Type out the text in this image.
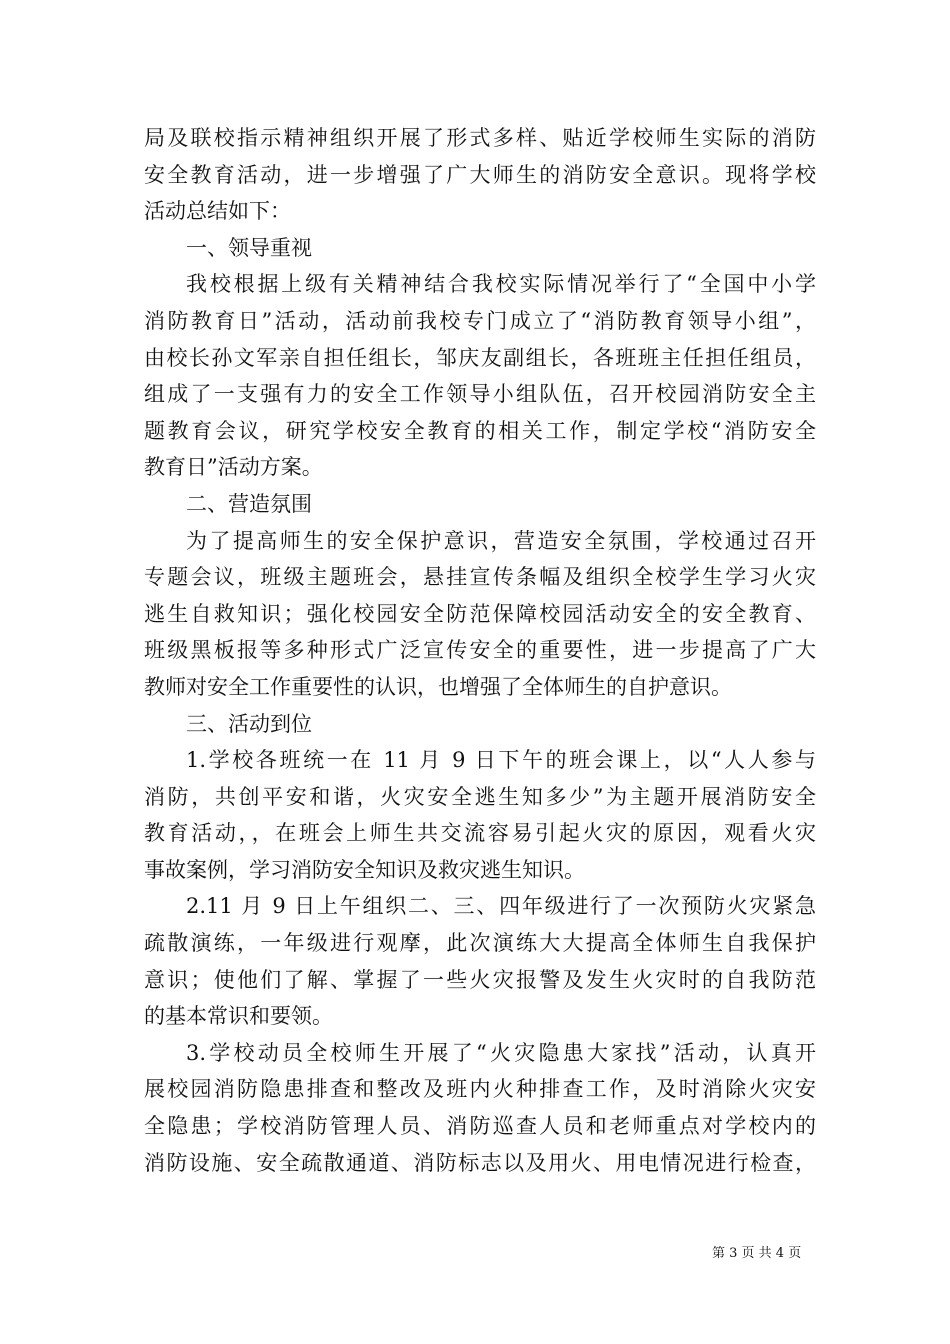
局及联校指示精神组织开展了形式多样、贴近学校师生实际的消防
安全教育活动，进一步增强了广大师生的消防安全意识。现将学校
活动总结如下：
一、领导重视
我校根据上级有关精神结合我校实际情况举行了“全国中小学
消防教育日”活动，活动前我校专门成立了“消防教育领导小组”，
由校长孙文军亲自担任组长，邹庆友副组长，各班班主任担任组员，
组成了一支强有力的安全工作领导小组队伍，召开校园消防安全主
题教育会议，研究学校安全教育的相关工作，制定学校“消防安全
教育日”活动方案。
二、营造氛围
为了提高师生的安全保护意识，营造安全氛围，学校通过召开
专题会议，班级主题班会，悬挂宣传条幅及组织全校学生学习火灾
逃生自救知识；强化校园安全防范保障校园活动安全的安全教育、
班级黑板报等多种形式广泛宣传安全的重要性，进一步提高了广大
教师对安全工作重要性的认识，也增强了全体师生的自护意识。
三、活动到位
1.学校各班统一在 11 月 9 日下午的班会课上，以“人人参与
消防，共创平安和谐，火灾安全逃生知多少”为主题开展消防安全
教育活动，，在班会上师生共交流容易引起火灾的原因，观看火灾
事故案例，学习消防安全知识及救灾逃生知识。
2.11 月 9 日上午组织二、三、四年级进行了一次预防火灾紧急
疏散演练，一年级进行观摩，此次演练大大提高全体师生自我保护
意识；使他们了解、掌握了一些火灾报警及发生火灾时的自我防范
的基本常识和要领。
3.学校动员全校师生开展了“火灾隐患大家找”活动，认真开
展校园消防隐患排查和整改及班内火种排查工作，及时消除火灾安
全隐患；学校消防管理人员、消防巡查人员和老师重点对学校内的
消防设施、安全疏散通道、消防标志以及用火、用电情况进行检查，
第 3 页 共 4 页
